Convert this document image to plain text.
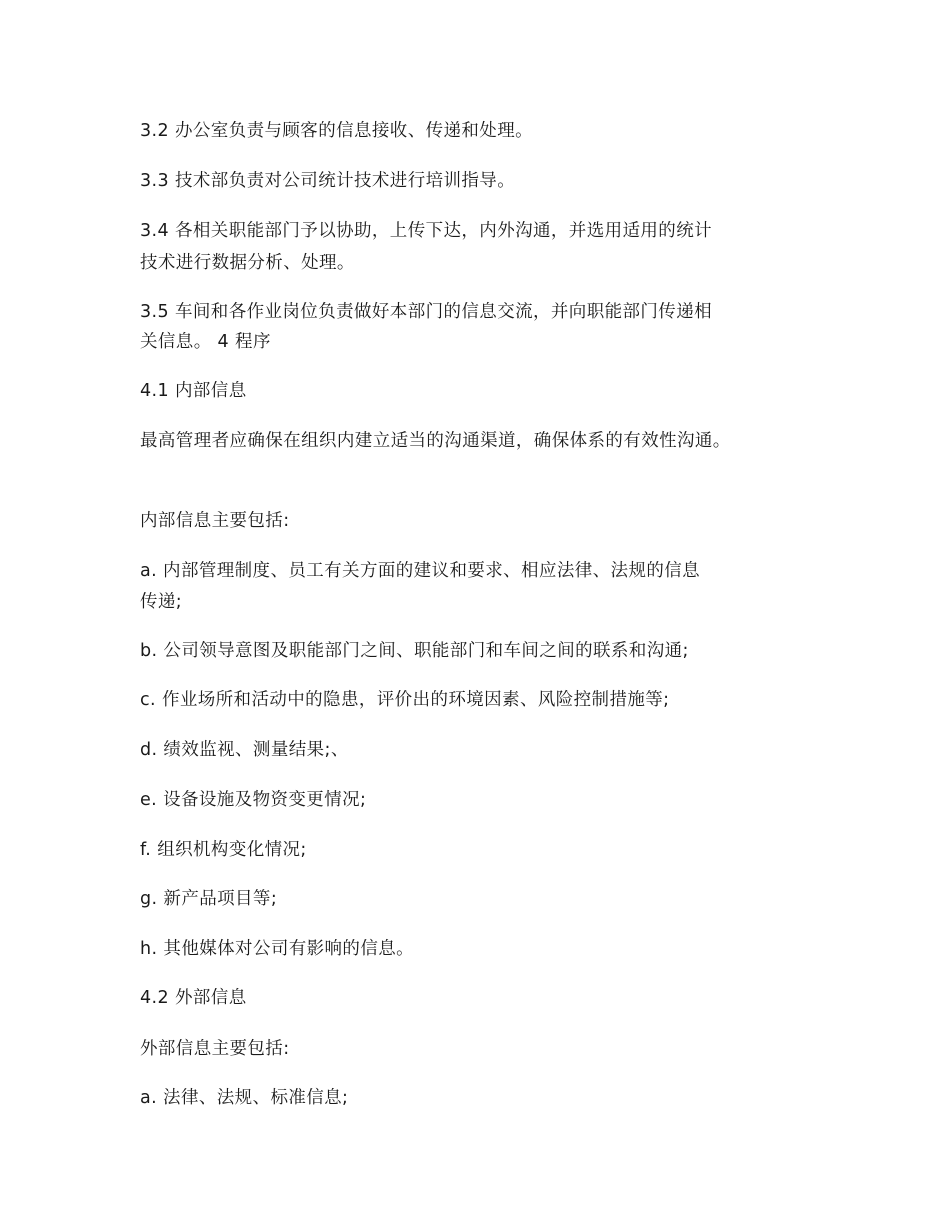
3.2 办公室负责与顾客的信息接收、传递和处理。
3.3 技术部负责对公司统计技术进行培训指导。
3.4 各相关职能部门予以协助，上传下达，内外沟通，并选用适用的统计
技术进行数据分析、处理。
3.5 车间和各作业岗位负责做好本部门的信息交流，并向职能部门传递相
关信息。 4 程序
4.1 内部信息
最高管理者应确保在组织内建立适当的沟通渠道，确保体系的有效性沟通。
内部信息主要包括:
a. 内部管理制度、员工有关方面的建议和要求、相应法律、法规的信息
传递;
b. 公司领导意图及职能部门之间、职能部门和车间之间的联系和沟通;
c. 作业场所和活动中的隐患，评价出的环境因素、风险控制措施等;
d. 绩效监视、测量结果;、
e. 设备设施及物资变更情况;
f. 组织机构变化情况;
g. 新产品项目等;
h. 其他媒体对公司有影响的信息。
4.2 外部信息
外部信息主要包括:
a. 法律、法规、标准信息;
